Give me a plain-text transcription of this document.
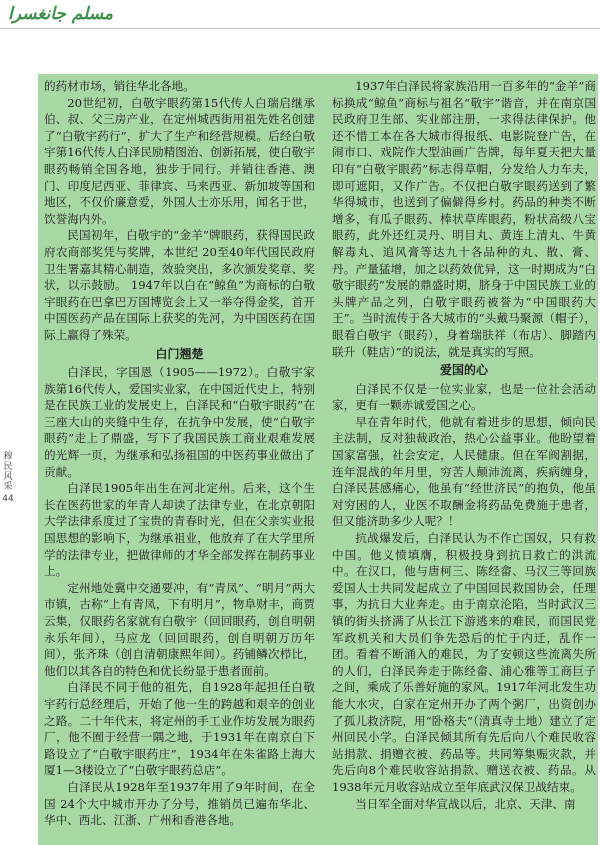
مسلم جانغسرا
穆民风采
44

的药材市场，销往华北各地。

20世纪初，白敬宇眼药第15代传人白瑞启继承伯、叔、父三房产业，在定州城西街用祖先姓名创建了“白敬宇药行”，扩大了生产和经营规模。后经白敬宇第16代传人白泽民励精图治、创新拓展，使白敬宇眼药畅销全国各地，独步于同行。并销往香港、澳门、印度尼西亚、菲律宾、马来西亚、新加坡等国和地区，不仅价廉意爱，外国人士亦乐用，闻名于世，饮誉海内外。

民国初年，白敬宇的“金羊”牌眼药，获得国民政府农商部奖凭与奖牌，本世纪 20至40年代国民政府卫生署嘉其精心制造，效验突出，多次颁发奖章、奖状，以示鼓励。 1947年以白在“鲸鱼”为商标的白敬宇眼药在巴拿巴万国博览会上又一举夺得金奖，首开中国医药产品在国际上获奖的先河，为中国医药在国际上赢得了殊荣。

白门翘楚

白泽民，字国恩（1905——1972）。白敬宇家族第16代传人，爱国实业家，在中国近代史上，特别是在民族工业的发展史上，白泽民和“白敬宇眼药”在三座大山的夹缝中生存，在抗争中发展，使“白敬宇眼药”走上了鼎盛，写下了我国民族工商业艰难发展的光辉一页，为继承和弘扬祖国的中医药事业做出了贡献。

白泽民1905年出生在河北定州。后来，这个生长在医药世家的年青人却读了法律专业，在北京朝阳大学法律系度过了宝贵的青春时光，但在父亲实业报国思想的影响下，为继承祖业，他放弃了在大学里所学的法律专业，把做律师的才华全部发挥在制药事业上。

定州地处冀中交通要冲，有“青凤”、“明月”两大市镇，古称“上有青凤，下有明月”，物阜财丰，商贾云集，仅眼药名家就有白敬宇（回回眼药，创自明朝永乐年间），马应龙（回回眼药，创自明朝万历年间），张齐珠（创自清朝康熙年间）。药铺鳞次栉比，他们以其各自的特色和优长纷显于患者面前。

白泽民不同于他的祖先，自1928年起担任白敬宇药行总经理后，开始了他一生的跨越和艰辛的创业之路。二十年代末，将定州的手工业作坊发展为眼药厂，他不囿于经营一隅之地，于1931年在南京白下路设立了“白敬宇眼药庄”，1934年在朱雀路上海大厦1—3楼设立了“白敬宇眼药总店”。

白泽民从1928年至1937年用了9年时间，在全国 24个大中城市开办了分号，推销员已遍布华北、华中、西北、江浙、广州和香港各地。

1937年白泽民将家族沿用一百多年的“金羊”商标换成“鲸鱼”商标与祖名“敬宇”谐音，并在南京国民政府卫生部、实业部注册，一求得法律保护。他还不惜工本在各大城市得报纸、电影院登广告，在闹市口、戏院作大型油画广告牌，每年夏天把大量印有“白敬宇眼药”标志得草帽，分发给人力车夫，即可遮阳，又作广告。不仅把白敬宇眼药送到了繁华得城市，也送到了偏僻得乡村。药品的种类不断增多，有瓜子眼药、棒状草库眼药，粉状高级八宝眼药，此外还红灵丹、明目丸、黄连上清丸、牛黄解毒丸、追风膏等达九十各品种的丸、散、膏、丹。产量猛增，加之以药效优异，这一时期成为“白敬宇眼药”发展的鼎盛时期，脐身于中国民族工业的头牌产品之列，白敬宇眼药被誉为“中国眼药大王”。当时流传于各大城市的“头戴马聚源（帽子），眼看白敬宇（眼药），身着瑞肤祥（布店）、脚踏内联升（鞋店）”的说法，就是真实的写照。

爱国的心

白泽民不仅是一位实业家，也是一位社会活动家，更有一颗赤诚爱国之心。

早在青年时代，他就有着进步的思想，倾向民主法制，反对独裁政治，热心公益事业。他盼望着国家富强，社会安定，人民健康。但在军阀割据，连年混战的年月里，穷苦人颠沛流离，疾病缠身，白泽民甚感痛心，他虽有“经世济民”的抱负，他虽对穷困的人，业医不取酬金将药品免费施于患者，但又能济助多少人呢？！

抗战爆发后，白泽民认为不作亡国奴，只有救中国。他义愤填膺，积极投身到抗日救亡的洪流中。在汉口，他与唐柯三、陈经畲、马汉三等回族爱国人士共同发起成立了中国回民救国协会，任理事，为抗日大业奔走。由于南京沦陷，当时武汉三镇的街头挤满了从长江下游逃来的难民，而国民党军政机关和大员们争先恐后的忙于内迁，乱作一团。看着不断涌入的难民，为了安顿这些流离失所的人们，白泽民奔走于陈经畲、浦心雅等工商巨子之间，乘成了乐善好施的家风。1917年河北发生功能大水灾，白家在定州开办了两个粥厂，出资创办了孤儿救济院，用“卧格夫”（清真寺土地）建立了定州回民小学。白泽民倾其所有先后向八个难民收容站捐款、捐赠衣被、药品等。共同筹集赈灾款，并先后向8个难民收容站捐款、赠送衣被、药品。从1938年元月收容站成立至年底武汉保卫战结束。

当日军全面对华宣战以后，北京、天津、南
